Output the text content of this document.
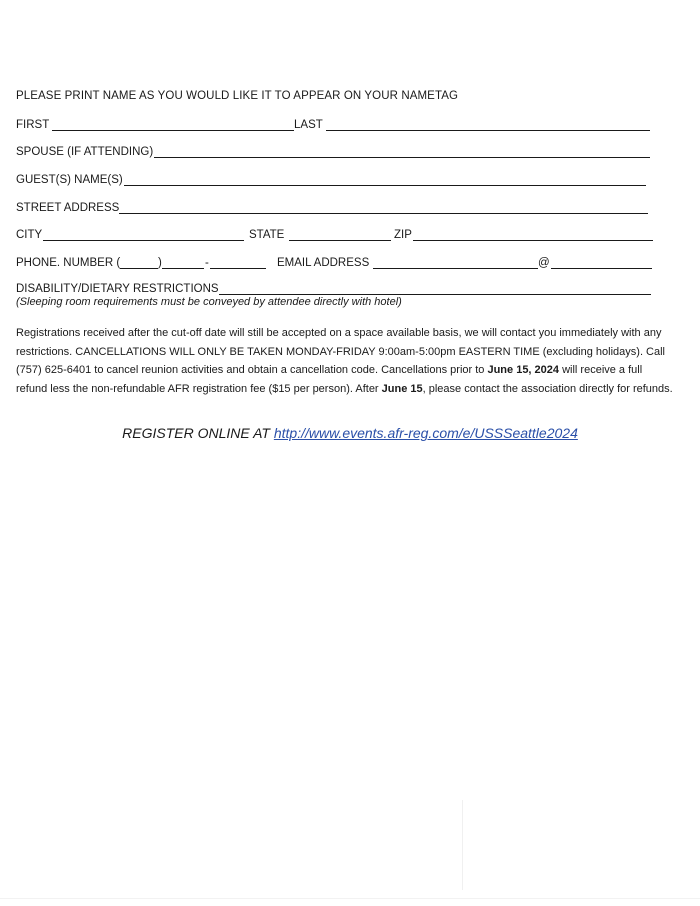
PLEASE PRINT NAME AS YOU WOULD LIKE IT TO APPEAR ON YOUR NAMETAG
FIRST	LAST
SPOUSE (IF ATTENDING)
GUEST(S) NAME(S)
STREET ADDRESS
CITY	STATE	ZIP
PHONE. NUMBER (	)	-	EMAIL ADDRESS	@
DISABILITY/DIETARY RESTRICTIONS
(Sleeping room requirements must be conveyed by attendee directly with hotel)
Registrations received after the cut-off date will still be accepted on a space available basis, we will contact you immediately with any restrictions. CANCELLATIONS WILL ONLY BE TAKEN MONDAY-FRIDAY 9:00am-5:00pm EASTERN TIME (excluding holidays). Call (757) 625-6401 to cancel reunion activities and obtain a cancellation code. Cancellations prior to June 15, 2024 will receive a full refund less the non-refundable AFR registration fee ($15 per person). After June 15, please contact the association directly for refunds.
REGISTER ONLINE AT http://www.events.afr-reg.com/e/USSSeattle2024
